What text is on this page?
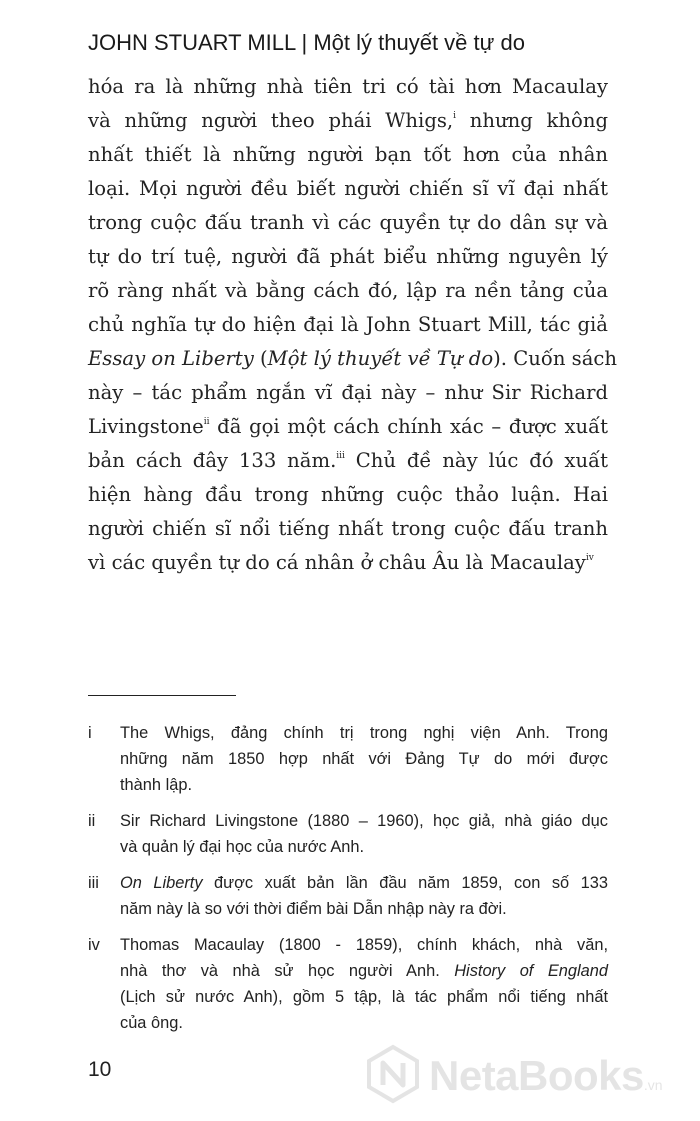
JOHN STUART MILL | Một lý thuyết về tự do
hóa ra là những nhà tiên tri có tài hơn Macaulay
và những người theo phái Whigs,$^i$ nhưng không
nhất thiết là những người bạn tốt hơn của nhân
loại. Mọi người đều biết người chiến sĩ vĩ đại nhất
trong cuộc đấu tranh vì các quyền tự do dân sự và
tự do trí tuệ, người đã phát biểu những nguyên lý
rõ ràng nhất và bằng cách đó, lập ra nền tảng của
chủ nghĩa tự do hiện đại là John Stuart Mill, tác giả
Essay on Liberty (Một lý thuyết về Tự do). Cuốn sách
này – tác phẩm ngắn vĩ đại này – như Sir Richard
Livingstone$^{ii}$ đã gọi một cách chính xác – được xuất
bản cách đây 133 năm.$^{iii}$ Chủ đề này lúc đó xuất
hiện hàng đầu trong những cuộc thảo luận. Hai
người chiến sĩ nổi tiếng nhất trong cuộc đấu tranh
vì các quyền tự do cá nhân ở châu Âu là Macaulay$^{iv}$
i The Whigs, đảng chính trị trong nghị viện Anh. Trong
những năm 1850 hợp nhất với Đảng Tự do mới được
thành lập.
ii Sir Richard Livingstone (1880 – 1960), học giả, nhà giáo dục
và quản lý đại học của nước Anh.
iii On Liberty được xuất bản lần đầu năm 1859, con số 133
năm này là so với thời điểm bài Dẫn nhập này ra đời.
iv Thomas Macaulay (1800 - 1859), chính khách, nhà văn,
nhà thơ và nhà sử học người Anh. History of England
(Lịch sử nước Anh), gồm 5 tập, là tác phẩm nổi tiếng nhất
của ông.
10	NetaBooks.vn
